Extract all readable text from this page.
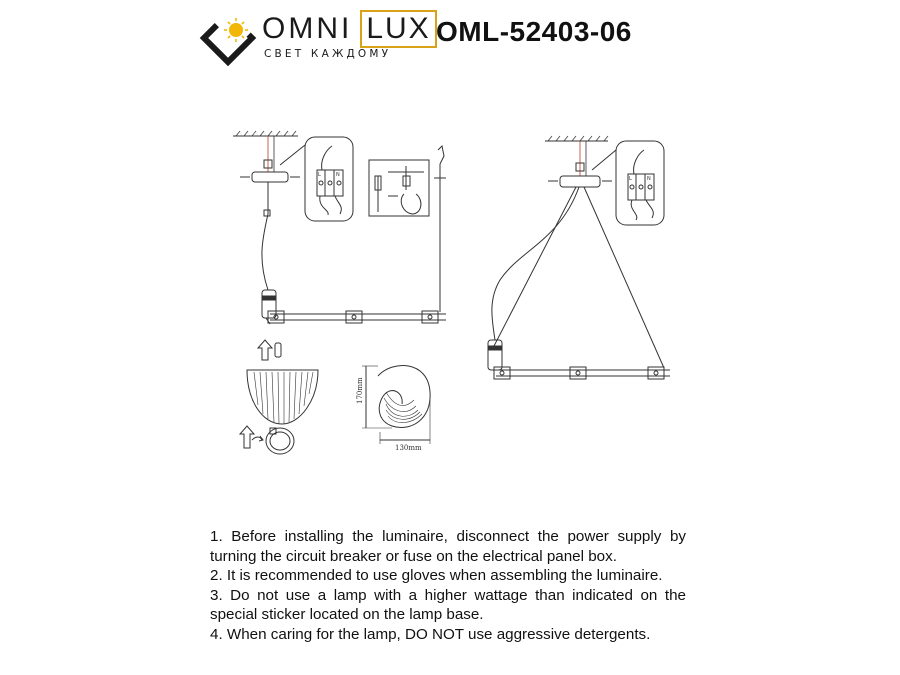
OMNI LUX
СВЕТ КАЖДОМУ
OML-52403-06
L	N
L	N
170mm
130mm

1. Before installing the luminaire, disconnect the power supply by turning the circuit breaker or fuse on the electrical panel box.

2. It is recommended to use gloves when assembling the luminaire.

3. Do not use a lamp with a higher wattage than indicated on the special sticker located on the lamp base.

4. When caring for the lamp, DO NOT use aggressive detergents.
